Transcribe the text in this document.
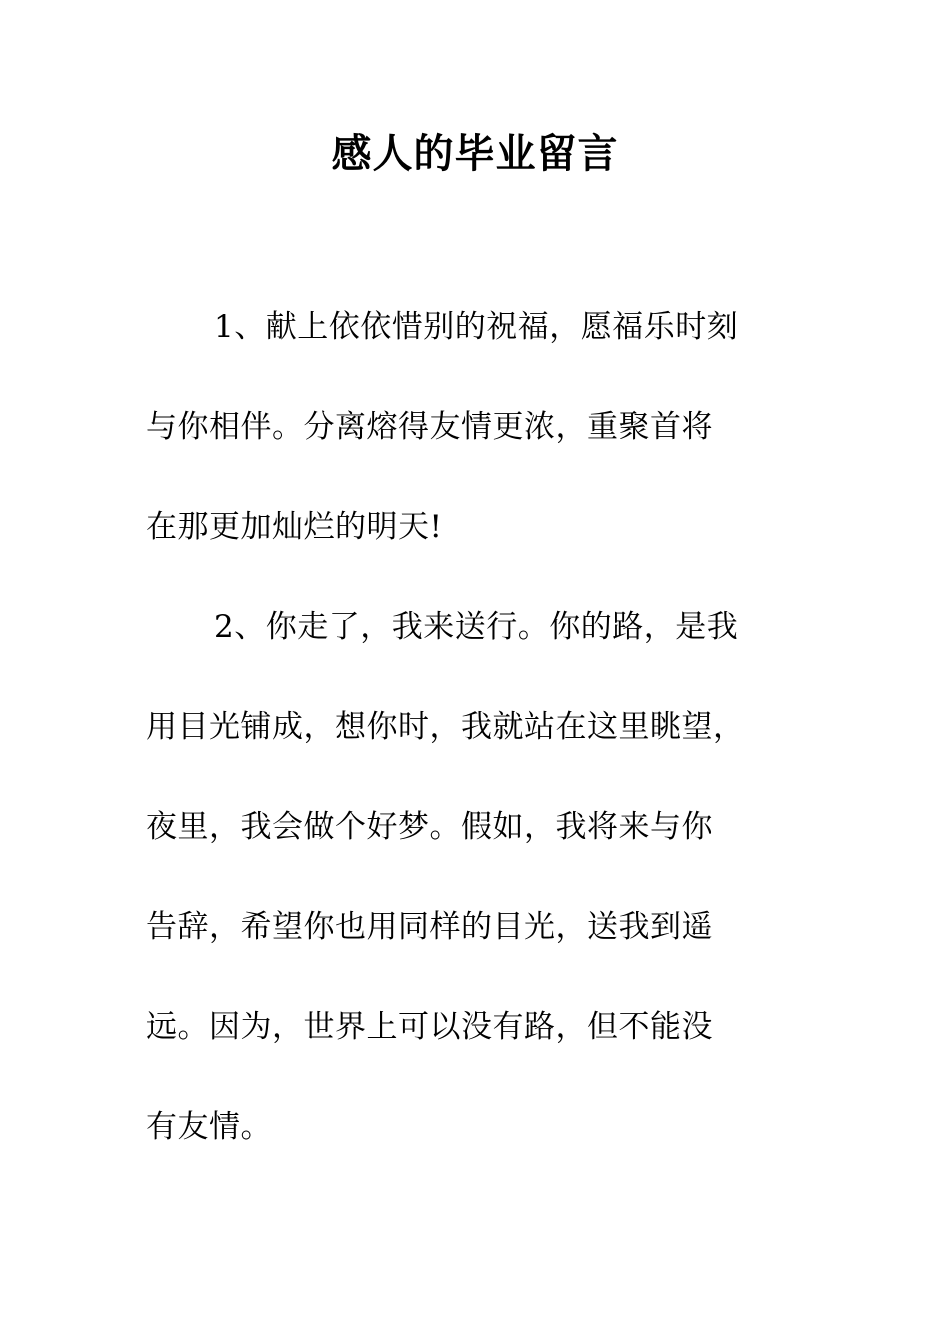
感人的毕业留言
1、献上依依惜别的祝福，愿福乐时刻
与你相伴。分离熔得友情更浓，重聚首将
在那更加灿烂的明天!
2、你走了，我来送行。你的路，是我
用目光铺成，想你时，我就站在这里眺望，
夜里，我会做个好梦。假如，我将来与你
告辞，希望你也用同样的目光，送我到遥
远。因为，世界上可以没有路，但不能没
有友情。
